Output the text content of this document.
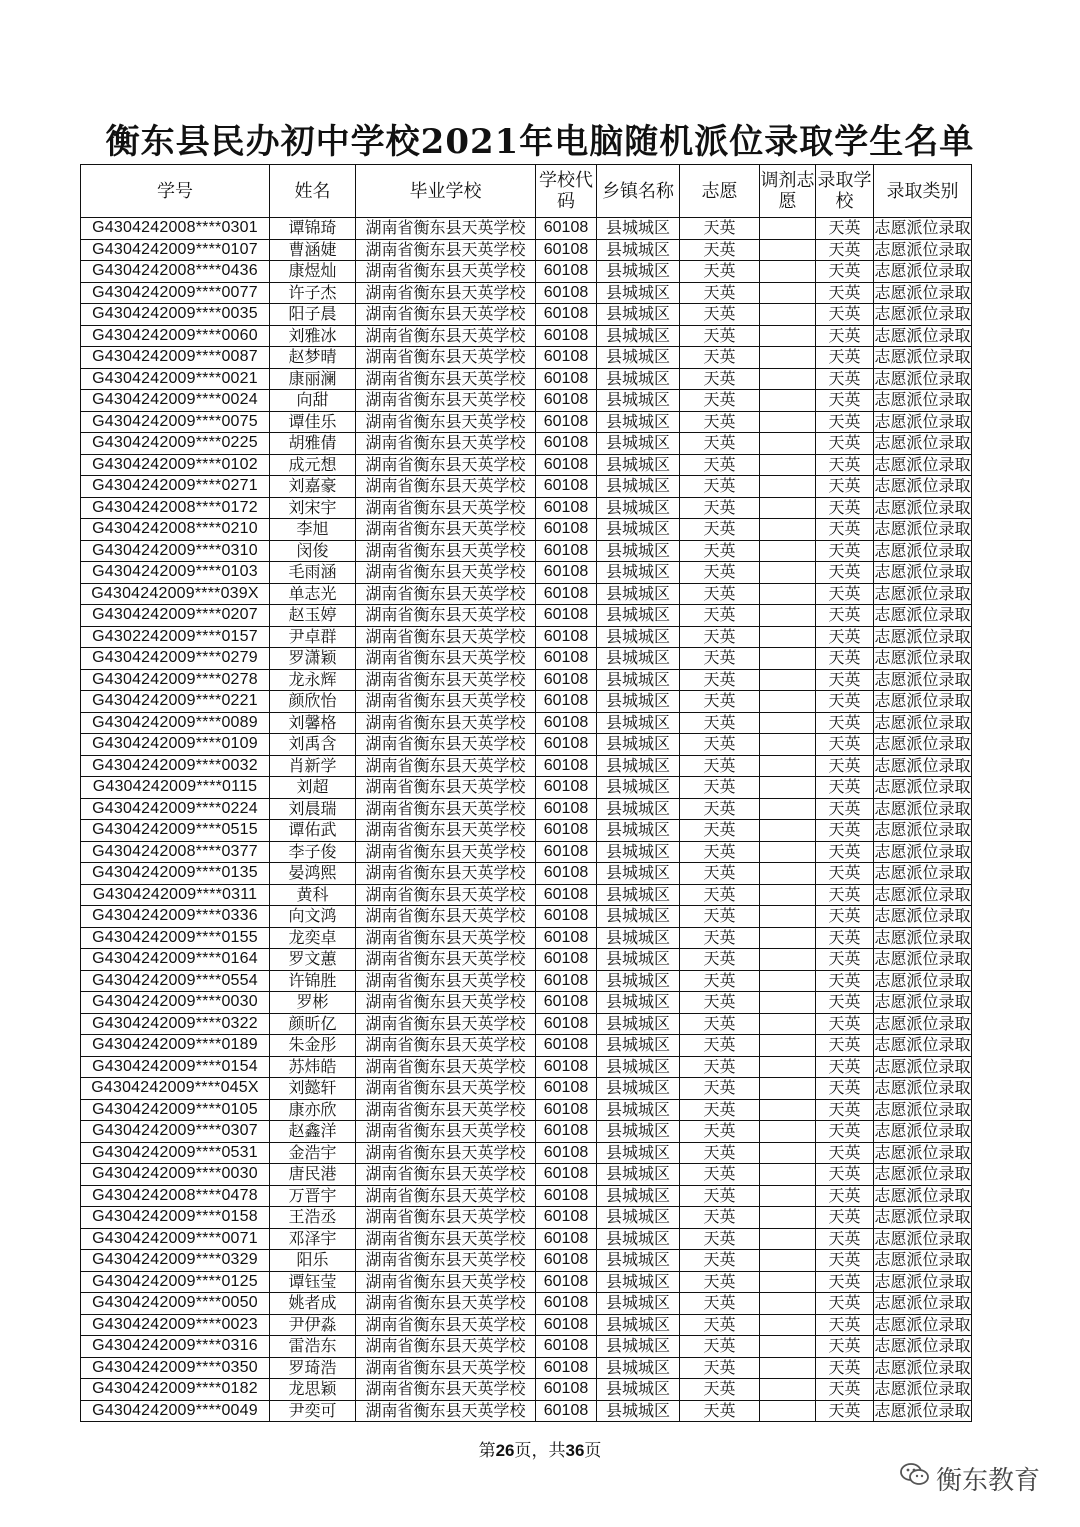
衡东县民办初中学校2021年电脑随机派位录取学生名单
学号	姓名	毕业学校	学校代码	乡镇名称	志愿	调剂志愿	录取学校	录取类别
G4304242008****0301	谭锦琦	湖南省衡东县天英学校	60108	县城城区	天英		天英	志愿派位录取
G4304242009****0107	曹涵婕	湖南省衡东县天英学校	60108	县城城区	天英		天英	志愿派位录取
G4304242008****0436	康煜灿	湖南省衡东县天英学校	60108	县城城区	天英		天英	志愿派位录取
G4304242009****0077	许子杰	湖南省衡东县天英学校	60108	县城城区	天英		天英	志愿派位录取
G4304242009****0035	阳子晨	湖南省衡东县天英学校	60108	县城城区	天英		天英	志愿派位录取
G4304242009****0060	刘雅冰	湖南省衡东县天英学校	60108	县城城区	天英		天英	志愿派位录取
G4304242009****0087	赵梦晴	湖南省衡东县天英学校	60108	县城城区	天英		天英	志愿派位录取
G4304242009****0021	康丽澜	湖南省衡东县天英学校	60108	县城城区	天英		天英	志愿派位录取
G4304242009****0024	向甜	湖南省衡东县天英学校	60108	县城城区	天英		天英	志愿派位录取
G4304242009****0075	谭佳乐	湖南省衡东县天英学校	60108	县城城区	天英		天英	志愿派位录取
G4304242009****0225	胡雅倩	湖南省衡东县天英学校	60108	县城城区	天英		天英	志愿派位录取
G4304242009****0102	成元想	湖南省衡东县天英学校	60108	县城城区	天英		天英	志愿派位录取
G4304242009****0271	刘嘉豪	湖南省衡东县天英学校	60108	县城城区	天英		天英	志愿派位录取
G4304242008****0172	刘宋宇	湖南省衡东县天英学校	60108	县城城区	天英		天英	志愿派位录取
G4304242008****0210	李旭	湖南省衡东县天英学校	60108	县城城区	天英		天英	志愿派位录取
G4304242009****0310	闵俊	湖南省衡东县天英学校	60108	县城城区	天英		天英	志愿派位录取
G4304242009****0103	毛雨涵	湖南省衡东县天英学校	60108	县城城区	天英		天英	志愿派位录取
G4304242009****039X	单志光	湖南省衡东县天英学校	60108	县城城区	天英		天英	志愿派位录取
G4304242009****0207	赵玉婷	湖南省衡东县天英学校	60108	县城城区	天英		天英	志愿派位录取
G4302242009****0157	尹卓群	湖南省衡东县天英学校	60108	县城城区	天英		天英	志愿派位录取
G4304242009****0279	罗潇颖	湖南省衡东县天英学校	60108	县城城区	天英		天英	志愿派位录取
G4304242009****0278	龙永辉	湖南省衡东县天英学校	60108	县城城区	天英		天英	志愿派位录取
G4304242009****0221	颜欣怡	湖南省衡东县天英学校	60108	县城城区	天英		天英	志愿派位录取
G4304242009****0089	刘馨格	湖南省衡东县天英学校	60108	县城城区	天英		天英	志愿派位录取
G4304242009****0109	刘禹含	湖南省衡东县天英学校	60108	县城城区	天英		天英	志愿派位录取
G4304242009****0032	肖新学	湖南省衡东县天英学校	60108	县城城区	天英		天英	志愿派位录取
G4304242009****0115	刘超	湖南省衡东县天英学校	60108	县城城区	天英		天英	志愿派位录取
G4304242009****0224	刘晨瑞	湖南省衡东县天英学校	60108	县城城区	天英		天英	志愿派位录取
G4304242009****0515	谭佑武	湖南省衡东县天英学校	60108	县城城区	天英		天英	志愿派位录取
G4304242008****0377	李子俊	湖南省衡东县天英学校	60108	县城城区	天英		天英	志愿派位录取
G4304242009****0135	晏鸿熙	湖南省衡东县天英学校	60108	县城城区	天英		天英	志愿派位录取
G4304242009****0311	黄科	湖南省衡东县天英学校	60108	县城城区	天英		天英	志愿派位录取
G4304242009****0336	向文鸿	湖南省衡东县天英学校	60108	县城城区	天英		天英	志愿派位录取
G4304242009****0155	龙奕卓	湖南省衡东县天英学校	60108	县城城区	天英		天英	志愿派位录取
G4304242009****0164	罗文蕙	湖南省衡东县天英学校	60108	县城城区	天英		天英	志愿派位录取
G4304242009****0554	许锦胜	湖南省衡东县天英学校	60108	县城城区	天英		天英	志愿派位录取
G4304242009****0030	罗彬	湖南省衡东县天英学校	60108	县城城区	天英		天英	志愿派位录取
G4304242009****0322	颜昕亿	湖南省衡东县天英学校	60108	县城城区	天英		天英	志愿派位录取
G4304242009****0189	朱金彤	湖南省衡东县天英学校	60108	县城城区	天英		天英	志愿派位录取
G4304242009****0154	苏炜皓	湖南省衡东县天英学校	60108	县城城区	天英		天英	志愿派位录取
G4304242009****045X	刘懿轩	湖南省衡东县天英学校	60108	县城城区	天英		天英	志愿派位录取
G4304242009****0105	康亦欣	湖南省衡东县天英学校	60108	县城城区	天英		天英	志愿派位录取
G4304242009****0307	赵鑫洋	湖南省衡东县天英学校	60108	县城城区	天英		天英	志愿派位录取
G4304242009****0531	金浩宇	湖南省衡东县天英学校	60108	县城城区	天英		天英	志愿派位录取
G4304242009****0030	唐民港	湖南省衡东县天英学校	60108	县城城区	天英		天英	志愿派位录取
G4304242008****0478	万晋宇	湖南省衡东县天英学校	60108	县城城区	天英		天英	志愿派位录取
G4304242009****0158	王浩丞	湖南省衡东县天英学校	60108	县城城区	天英		天英	志愿派位录取
G4304242009****0071	邓泽宇	湖南省衡东县天英学校	60108	县城城区	天英		天英	志愿派位录取
G4304242009****0329	阳乐	湖南省衡东县天英学校	60108	县城城区	天英		天英	志愿派位录取
G4304242009****0125	谭钰莹	湖南省衡东县天英学校	60108	县城城区	天英		天英	志愿派位录取
G4304242009****0050	姚者成	湖南省衡东县天英学校	60108	县城城区	天英		天英	志愿派位录取
G4304242009****0023	尹伊淼	湖南省衡东县天英学校	60108	县城城区	天英		天英	志愿派位录取
G4304242009****0316	雷浩东	湖南省衡东县天英学校	60108	县城城区	天英		天英	志愿派位录取
G4304242009****0350	罗琦浩	湖南省衡东县天英学校	60108	县城城区	天英		天英	志愿派位录取
G4304242009****0182	龙思颖	湖南省衡东县天英学校	60108	县城城区	天英		天英	志愿派位录取
G4304242009****0049	尹奕可	湖南省衡东县天英学校	60108	县城城区	天英		天英	志愿派位录取
第26页，共36页
衡东教育
